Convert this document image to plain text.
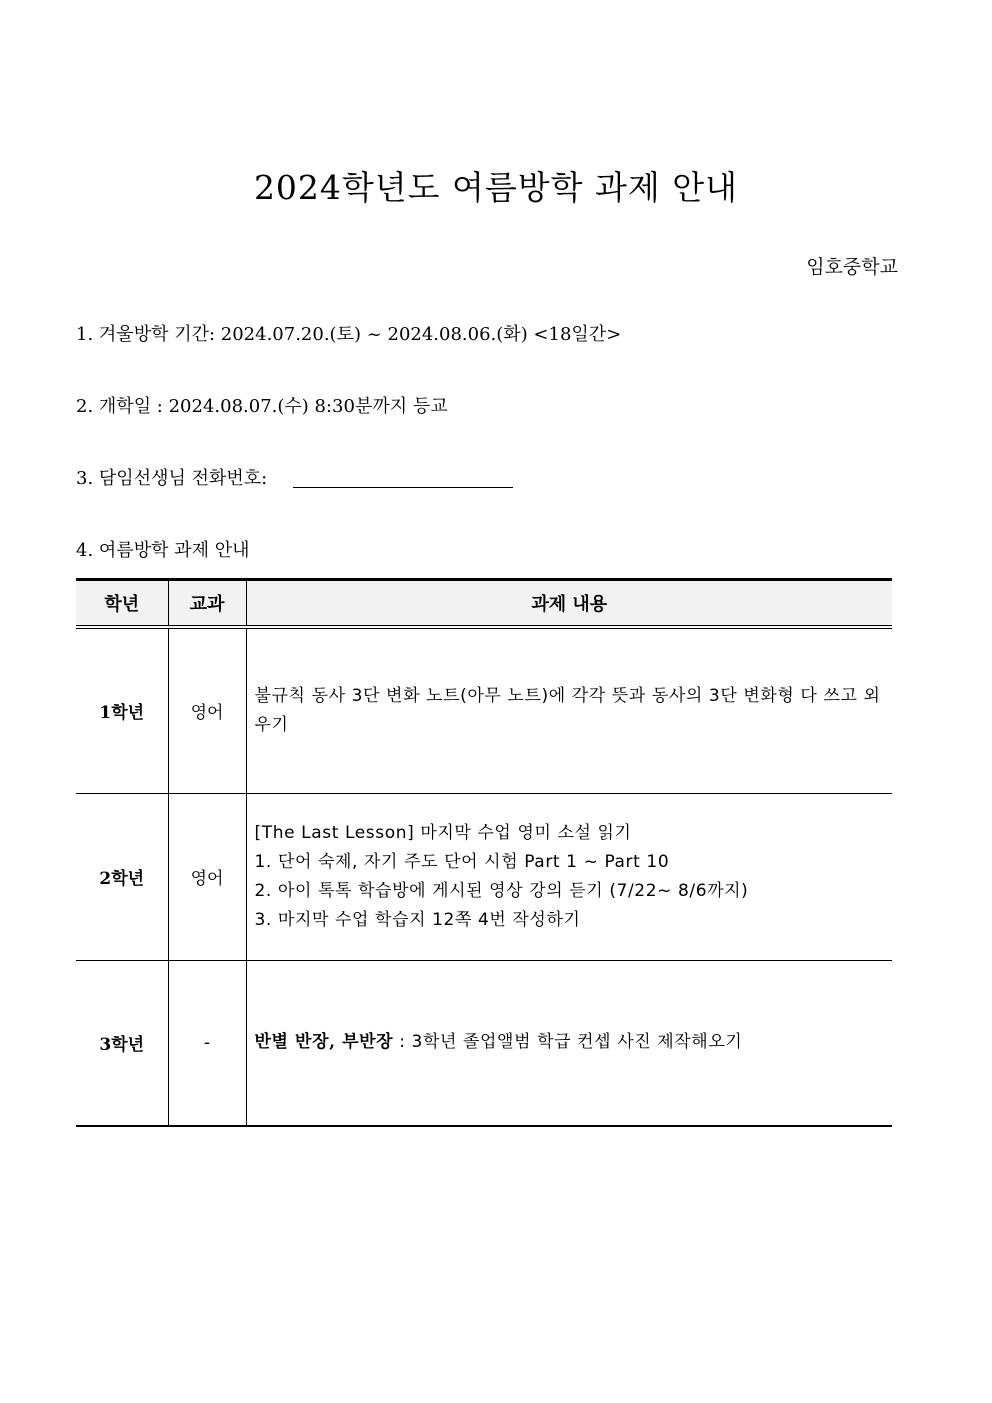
2024학년도 여름방학 과제 안내
임호중학교
1. 겨울방학 기간: 2024.07.20.(토) ~ 2024.08.06.(화) <18일간>
2. 개학일 : 2024.08.07.(수) 8:30분까지 등교
3. 담임선생님 전화번호:
4. 여름방학 과제 안내
학년	교과	과제 내용
1학년	영어	불규칙 동사 3단 변화 노트(아무 노트)에 각각 뜻과 동사의 3단 변화형 다 쓰고 외우기

2학년	영어	[The Last Lesson] 마지막 수업 영미 소설 읽기
1. 단어 숙제, 자기 주도 단어 시험 Part 1 ~ Part 10
2. 아이 톡톡 학습방에 게시된 영상 강의 듣기 (7/22~ 8/6까지)
3. 마지막 수업 학습지 12쪽 4번 작성하기

3학년	-	반별 반장, 부반장 : 3학년 졸업앨범 학급 컨셉 사진 제작해오기
